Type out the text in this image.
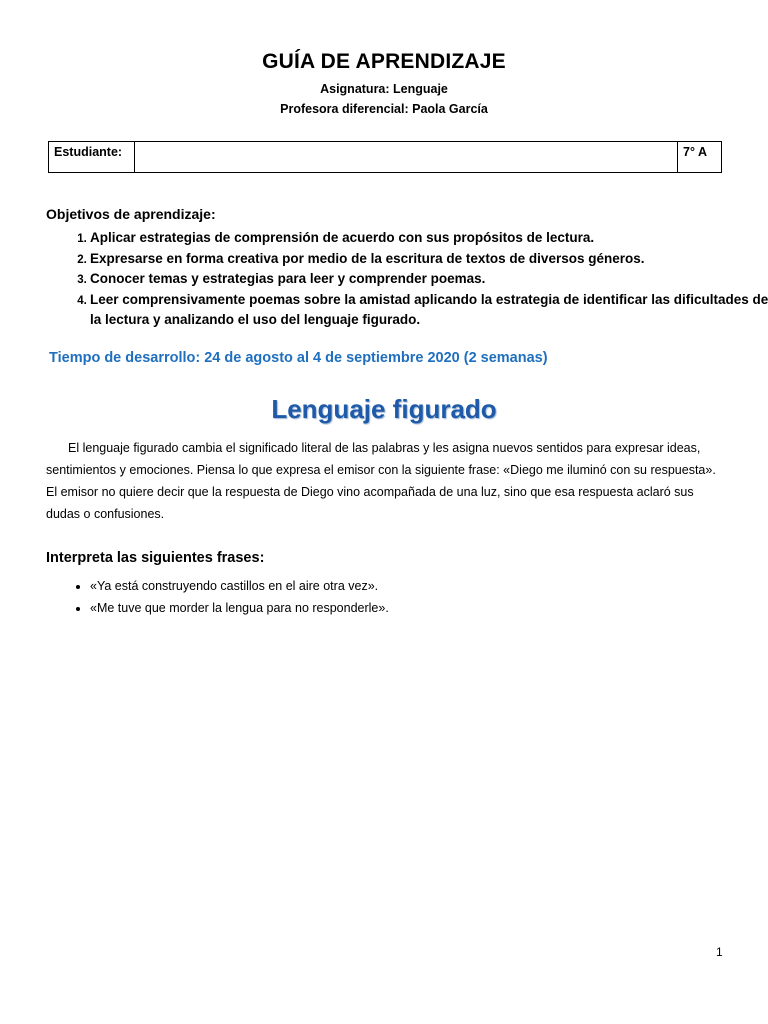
GUÍA DE APRENDIZAJE
Asignatura: Lenguaje
Profesora diferencial: Paola García
Estudiante:		7° A
Objetivos de aprendizaje:
1. Aplicar estrategias de comprensión de acuerdo con sus propósitos de lectura.
2. Expresarse en forma creativa por medio de la escritura de textos de diversos géneros.
3. Conocer temas y estrategias para leer y comprender poemas.
4. Leer comprensivamente poemas sobre la amistad aplicando la estrategia de identificar las dificultades de la lectura y analizando el uso del lenguaje figurado.
Tiempo de desarrollo: 24 de agosto al 4 de septiembre 2020 (2 semanas)
Lenguaje figurado
El lenguaje figurado cambia el significado literal de las palabras y les asigna nuevos sentidos para expresar ideas, sentimientos y emociones. Piensa lo que expresa el emisor con la siguiente frase: «Diego me iluminó con su respuesta». El emisor no quiere decir que la respuesta de Diego vino acompañada de una luz, sino que esa respuesta aclaró sus dudas o confusiones.
Interpreta las siguientes frases:
• «Ya está construyendo castillos en el aire otra vez».
• «Me tuve que morder la lengua para no responderle».
1
